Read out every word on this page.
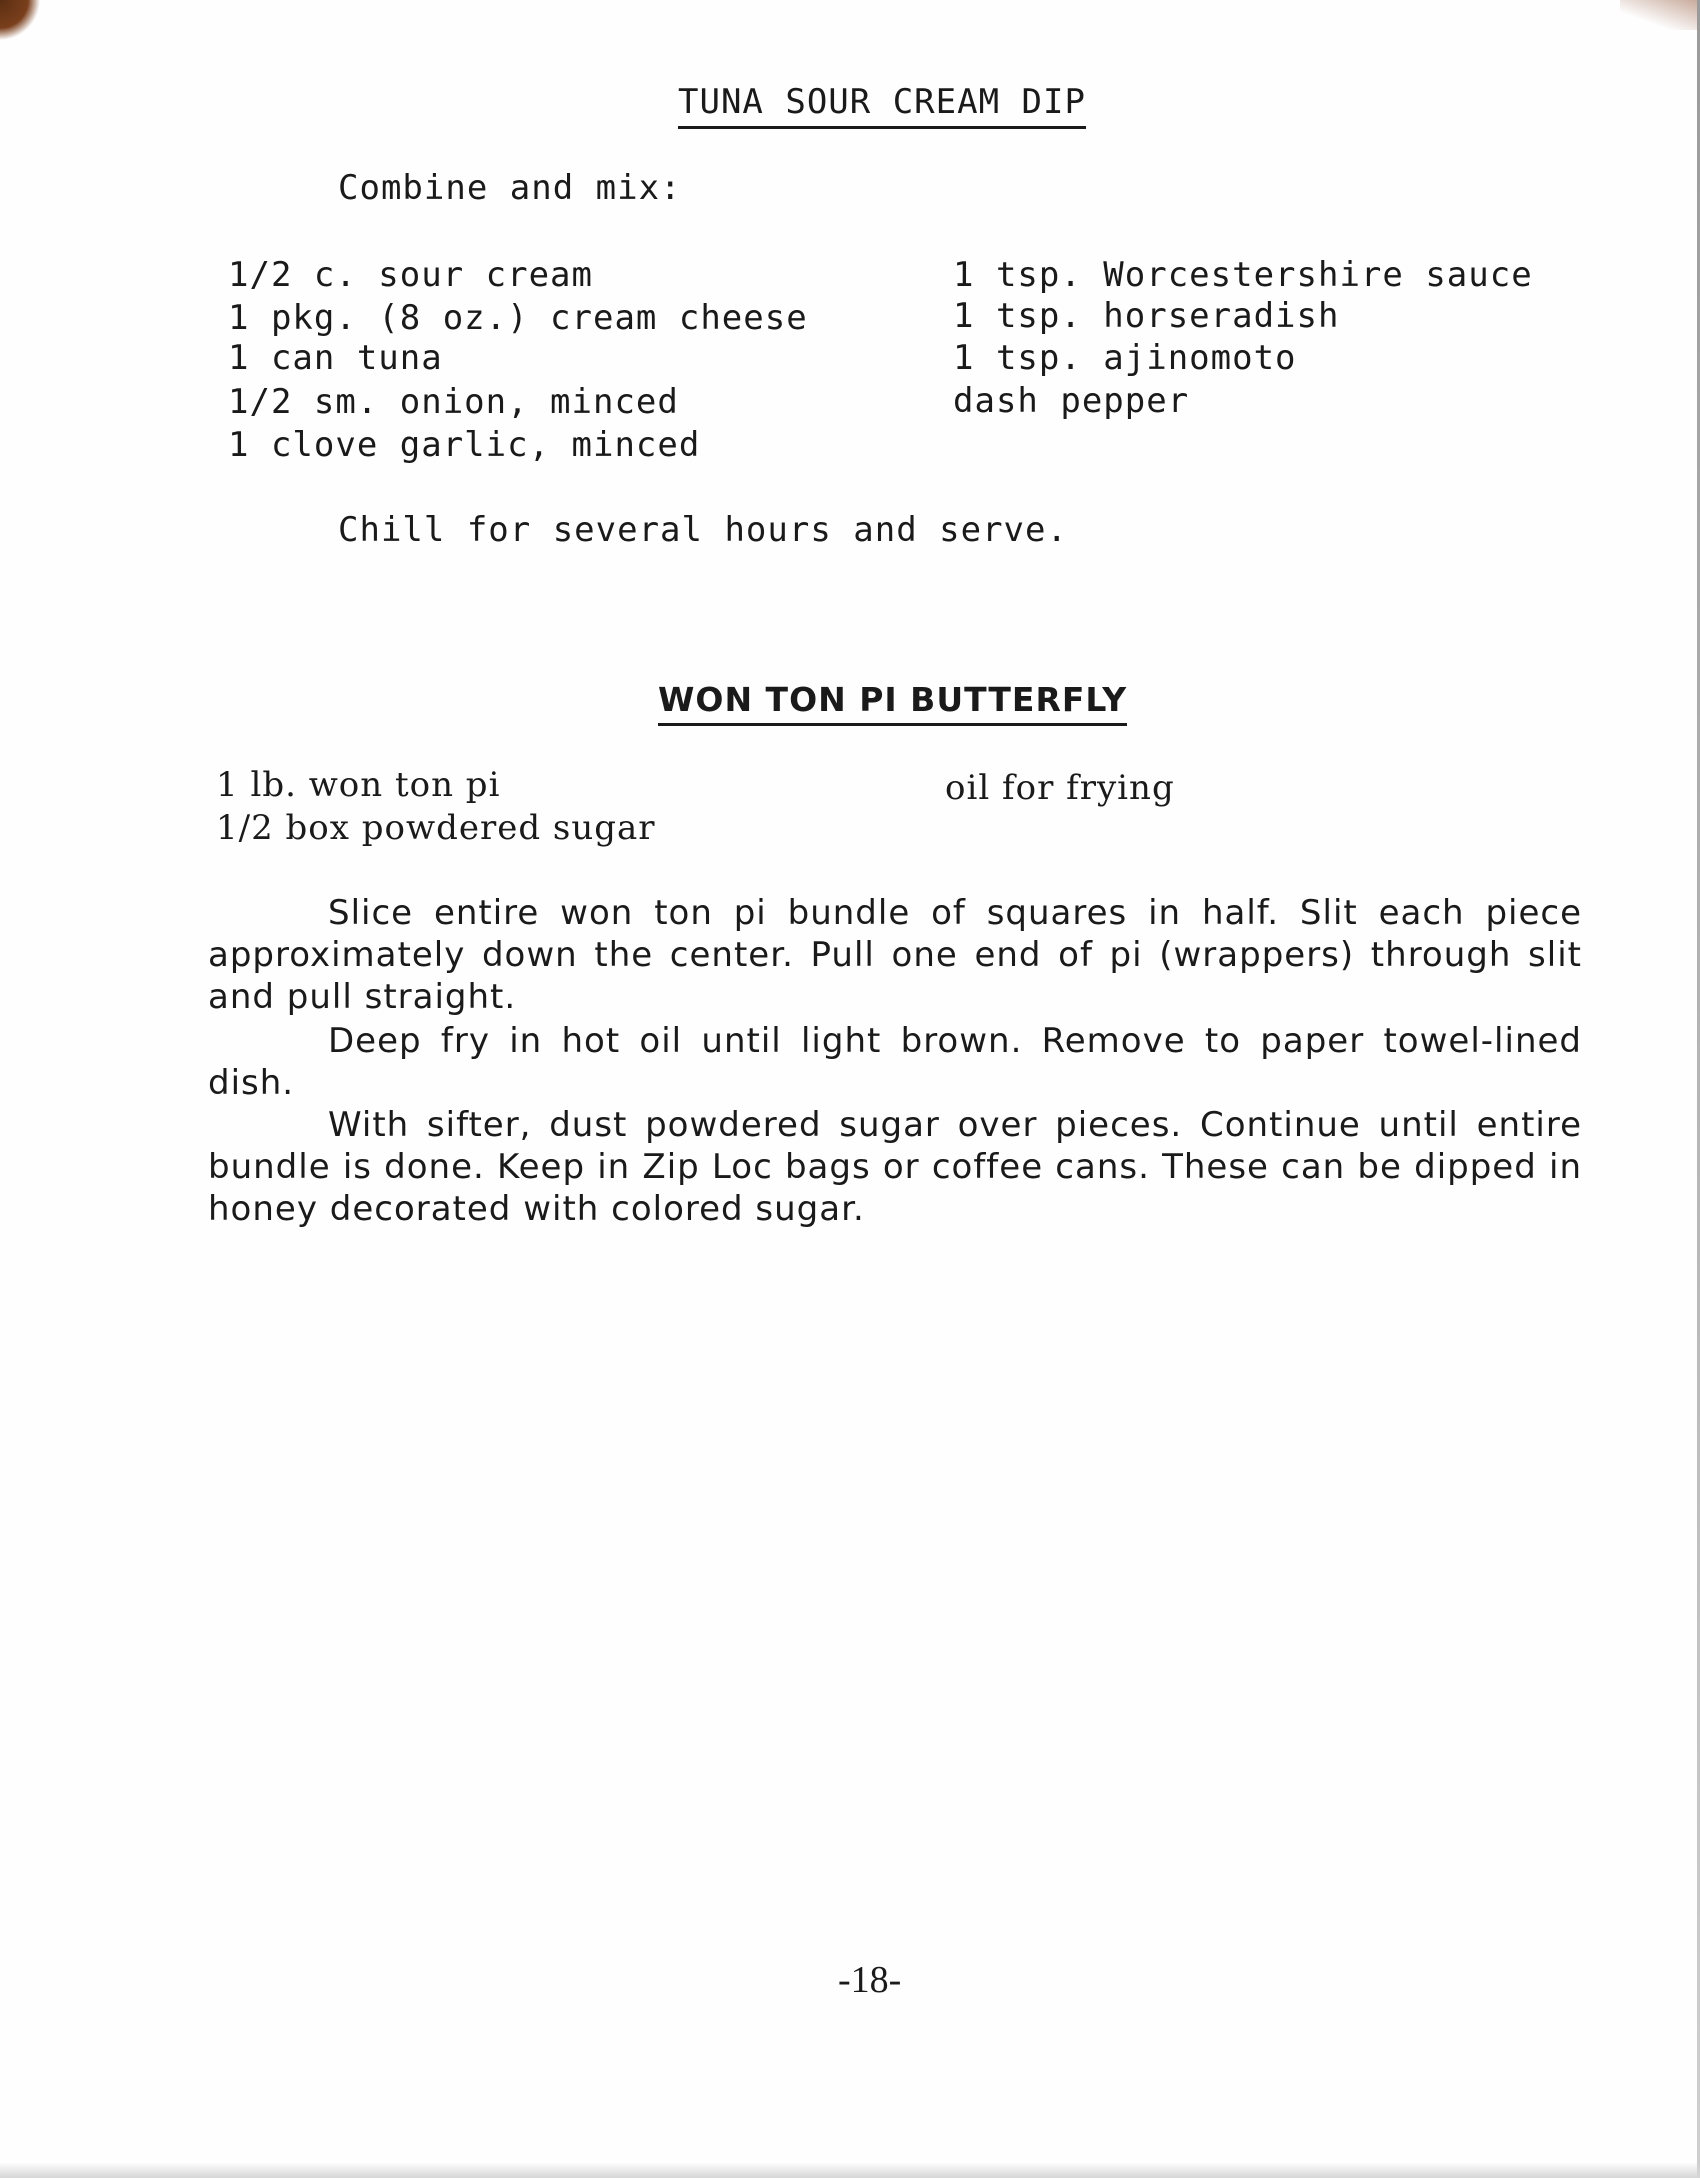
TUNA SOUR CREAM DIP
Combine and mix:
1/2 c. sour cream
1 pkg. (8 oz.) cream cheese
1 can tuna
1/2 sm. onion, minced
1 clove garlic, minced
1 tsp. Worcestershire sauce
1 tsp. horseradish
1 tsp. ajinomoto
dash pepper
Chill for several hours and serve.
WON TON PI BUTTERFLY
1 lb. won ton pi
1/2 box powdered sugar
oil for frying
Slice entire won ton pi bundle of squares in half. Slit each piece approximately down the center. Pull one end of pi (wrappers) through slit and pull straight.
Deep fry in hot oil until light brown. Remove to paper towel-lined dish.
With sifter, dust powdered sugar over pieces. Continue until entire bundle is done. Keep in Zip Loc bags or coffee cans. These can be dipped in honey decorated with colored sugar.
-18-
